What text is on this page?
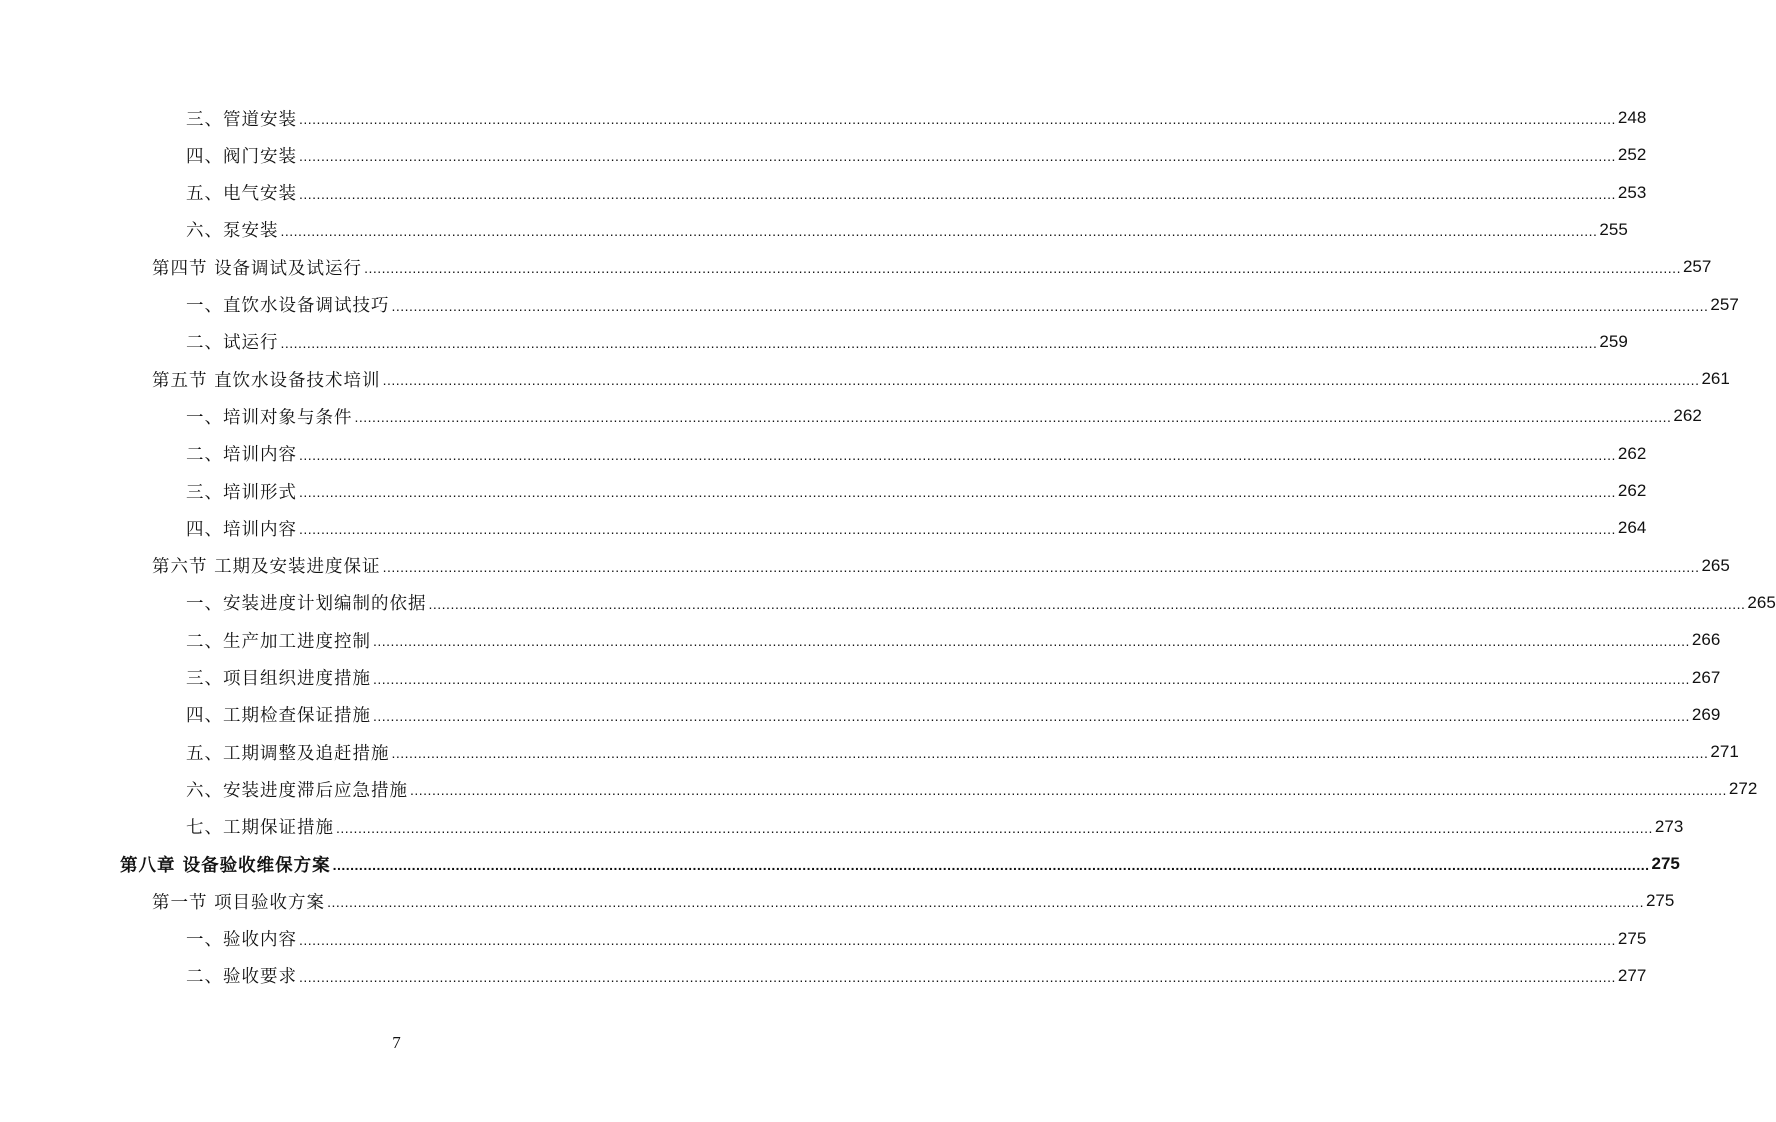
三、管道安装 ............................................................................................................................................................................................................................................................................................................ 248
四、阀门安装 ............................................................................................................................................................................................................................................................................................................ 252
五、电气安装 ............................................................................................................................................................................................................................................................................................................ 253
六、泵安装 ............................................................................................................................................................................................................................................................................................................ 255
第四节 设备调试及试运行 ............................................................................................................................................................................................................................................................................................................ 257
一、直饮水设备调试技巧 ............................................................................................................................................................................................................................................................................................................ 257
二、试运行 ............................................................................................................................................................................................................................................................................................................ 259
第五节 直饮水设备技术培训 ............................................................................................................................................................................................................................................................................................................ 261
一、培训对象与条件 ............................................................................................................................................................................................................................................................................................................ 262
二、培训内容 ............................................................................................................................................................................................................................................................................................................ 262
三、培训形式 ............................................................................................................................................................................................................................................................................................................ 262
四、培训内容 ............................................................................................................................................................................................................................................................................................................ 264
第六节 工期及安装进度保证 ............................................................................................................................................................................................................................................................................................................ 265
一、安装进度计划编制的依据 ............................................................................................................................................................................................................................................................................................................ 265
二、生产加工进度控制 ............................................................................................................................................................................................................................................................................................................ 266
三、项目组织进度措施 ............................................................................................................................................................................................................................................................................................................ 267
四、工期检查保证措施 ............................................................................................................................................................................................................................................................................................................ 269
五、工期调整及追赶措施 ............................................................................................................................................................................................................................................................................................................ 271
六、安装进度滞后应急措施 ............................................................................................................................................................................................................................................................................................................ 272
七、工期保证措施 ............................................................................................................................................................................................................................................................................................................ 273
第八章 设备验收维保方案 ............................................................................................................................................................................................................................................................................................................ 275
第一节 项目验收方案 ............................................................................................................................................................................................................................................................................................................ 275
一、验收内容 ............................................................................................................................................................................................................................................................................................................ 275
二、验收要求 ............................................................................................................................................................................................................................................................................................................ 277
7
